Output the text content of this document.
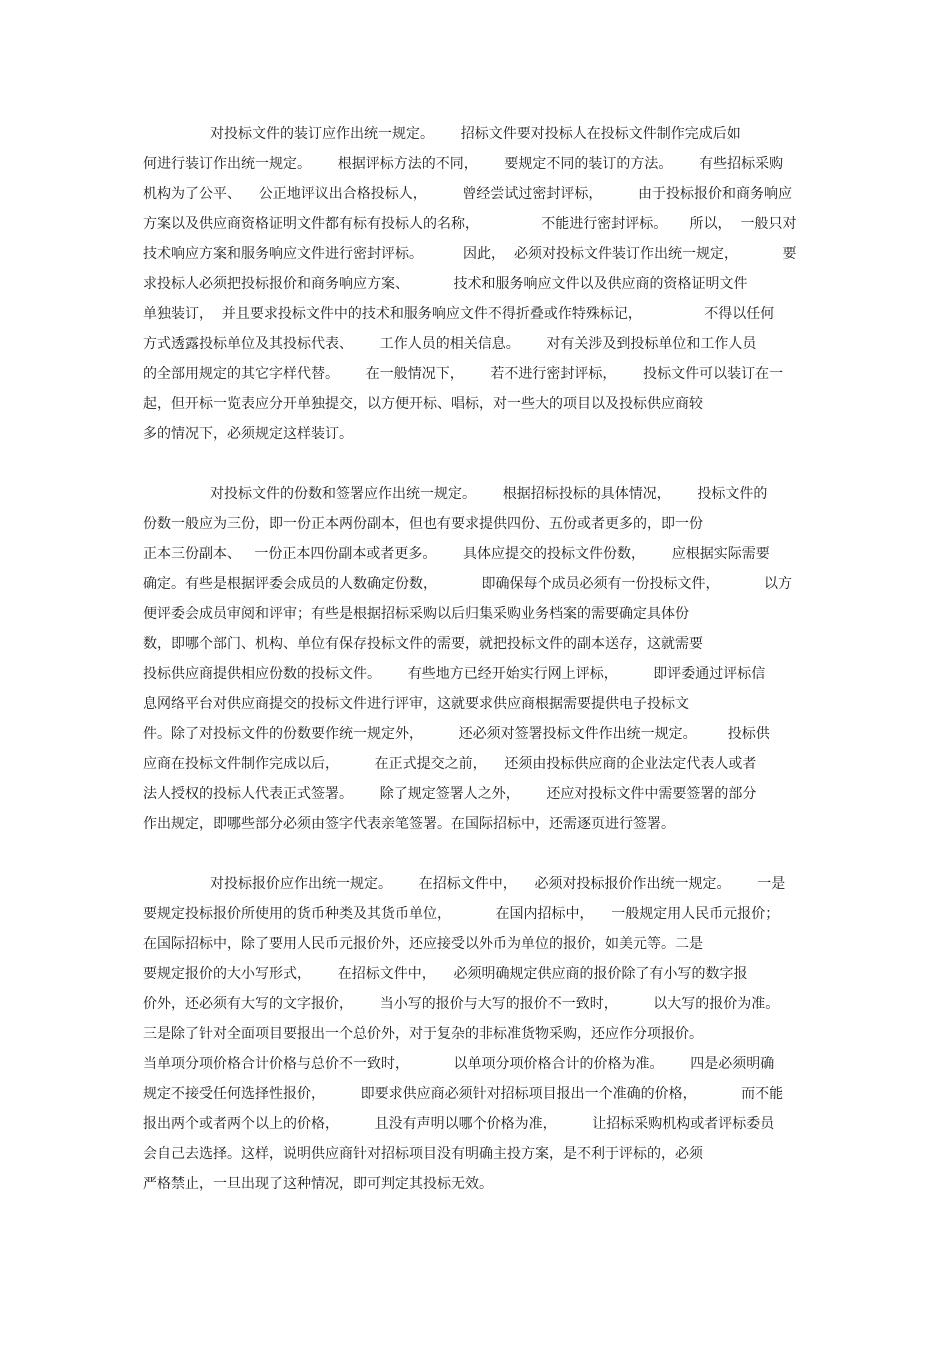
对投标文件的装订应作出统一规定。      招标文件要对投标人在投标文件制作完成后如
何进行装订作出统一规定。      根据评标方法的不同，      要规定不同的装订的方法。      有些招标采购
机构为了公平、    公正地评议出合格投标人，        曾经尝试过密封评标，        由于投标报价和商务响应
方案以及供应商资格证明文件都有标有投标人的名称，              不能进行密封评标。     所以，  一般只对
技术响应方案和服务响应文件进行密封评标。         因此，  必须对投标文件装订作出统一规定，          要
求投标人必须把投标报价和商务响应方案、          技术和服务响应文件以及供应商的资格证明文件
单独装订，  并且要求投标文件中的技术和服务响应文件不得折叠或作特殊标记，              不得以任何
方式透露投标单位及其投标代表、      工作人员的相关信息。      对有关涉及到投标单位和工作人员
的全部用规定的其它字样代替。      在一般情况下，      若不进行密封评标，      投标文件可以装订在一
起，但开标一览表应分开单独提交，以方便开标、唱标，对一些大的项目以及投标供应商较
多的情况下，必须规定这样装订。
对投标文件的份数和签署应作出统一规定。      根据招标投标的具体情况，      投标文件的
份数一般应为三份，即一份正本两份副本，但也有要求提供四份、五份或者更多的，即一份
正本三份副本、   一份正本四份副本或者更多。      具体应提交的投标文件份数，      应根据实际需要
确定。有些是根据评委会成员的人数确定份数，          即确保每个成员必须有一份投标文件，          以方
便评委会成员审阅和评审；有些是根据招标采购以后归集采购业务档案的需要确定具体份
数，即哪个部门、机构、单位有保存投标文件的需要，就把投标文件的副本送存，这就需要
投标供应商提供相应份数的投标文件。      有些地方已经开始实行网上评标，        即评委通过评标信
息网络平台对供应商提交的投标文件进行评审，这就要求供应商根据需要提供电子投标文
件。除了对投标文件的份数要作统一规定外，        还必须对签署投标文件作出统一规定。       投标供
应商在投标文件制作完成以后，        在正式提交之前，    还须由投标供应商的企业法定代表人或者
法人授权的投标人代表正式签署。      除了规定签署人之外，      还应对投标文件中需要签署的部分
作出规定，即哪些部分必须由签字代表亲笔签署。在国际招标中，还需逐页进行签署。
对投标报价应作出统一规定。      在招标文件中，    必须对投标报价作出统一规定。      一是
要规定投标报价所使用的货币种类及其货币单位，          在国内招标中，    一般规定用人民币元报价；
在国际招标中，除了要用人民币元报价外，还应接受以外币为单位的报价，如美元等。二是
要规定报价的大小写形式，      在招标文件中，    必须明确规定供应商的报价除了有小写的数字报
价外，还必须有大写的文字报价，      当小写的报价与大写的报价不一致时，        以大写的报价为准。
三是除了针对全面项目要报出一个总价外，对于复杂的非标准货物采购，还应作分项报价。
当单项分项价格合计价格与总价不一致时，          以单项分项价格合计的价格为准。      四是必须明确
规定不接受任何选择性报价，        即要求供应商必须针对招标项目报出一个准确的价格，          而不能
报出两个或者两个以上的价格，        且没有声明以哪个价格为准，        让招标采购机构或者评标委员
会自己去选择。这样，说明供应商针对招标项目没有明确主投方案，是不利于评标的，必须
严格禁止，一旦出现了这种情况，即可判定其投标无效。
